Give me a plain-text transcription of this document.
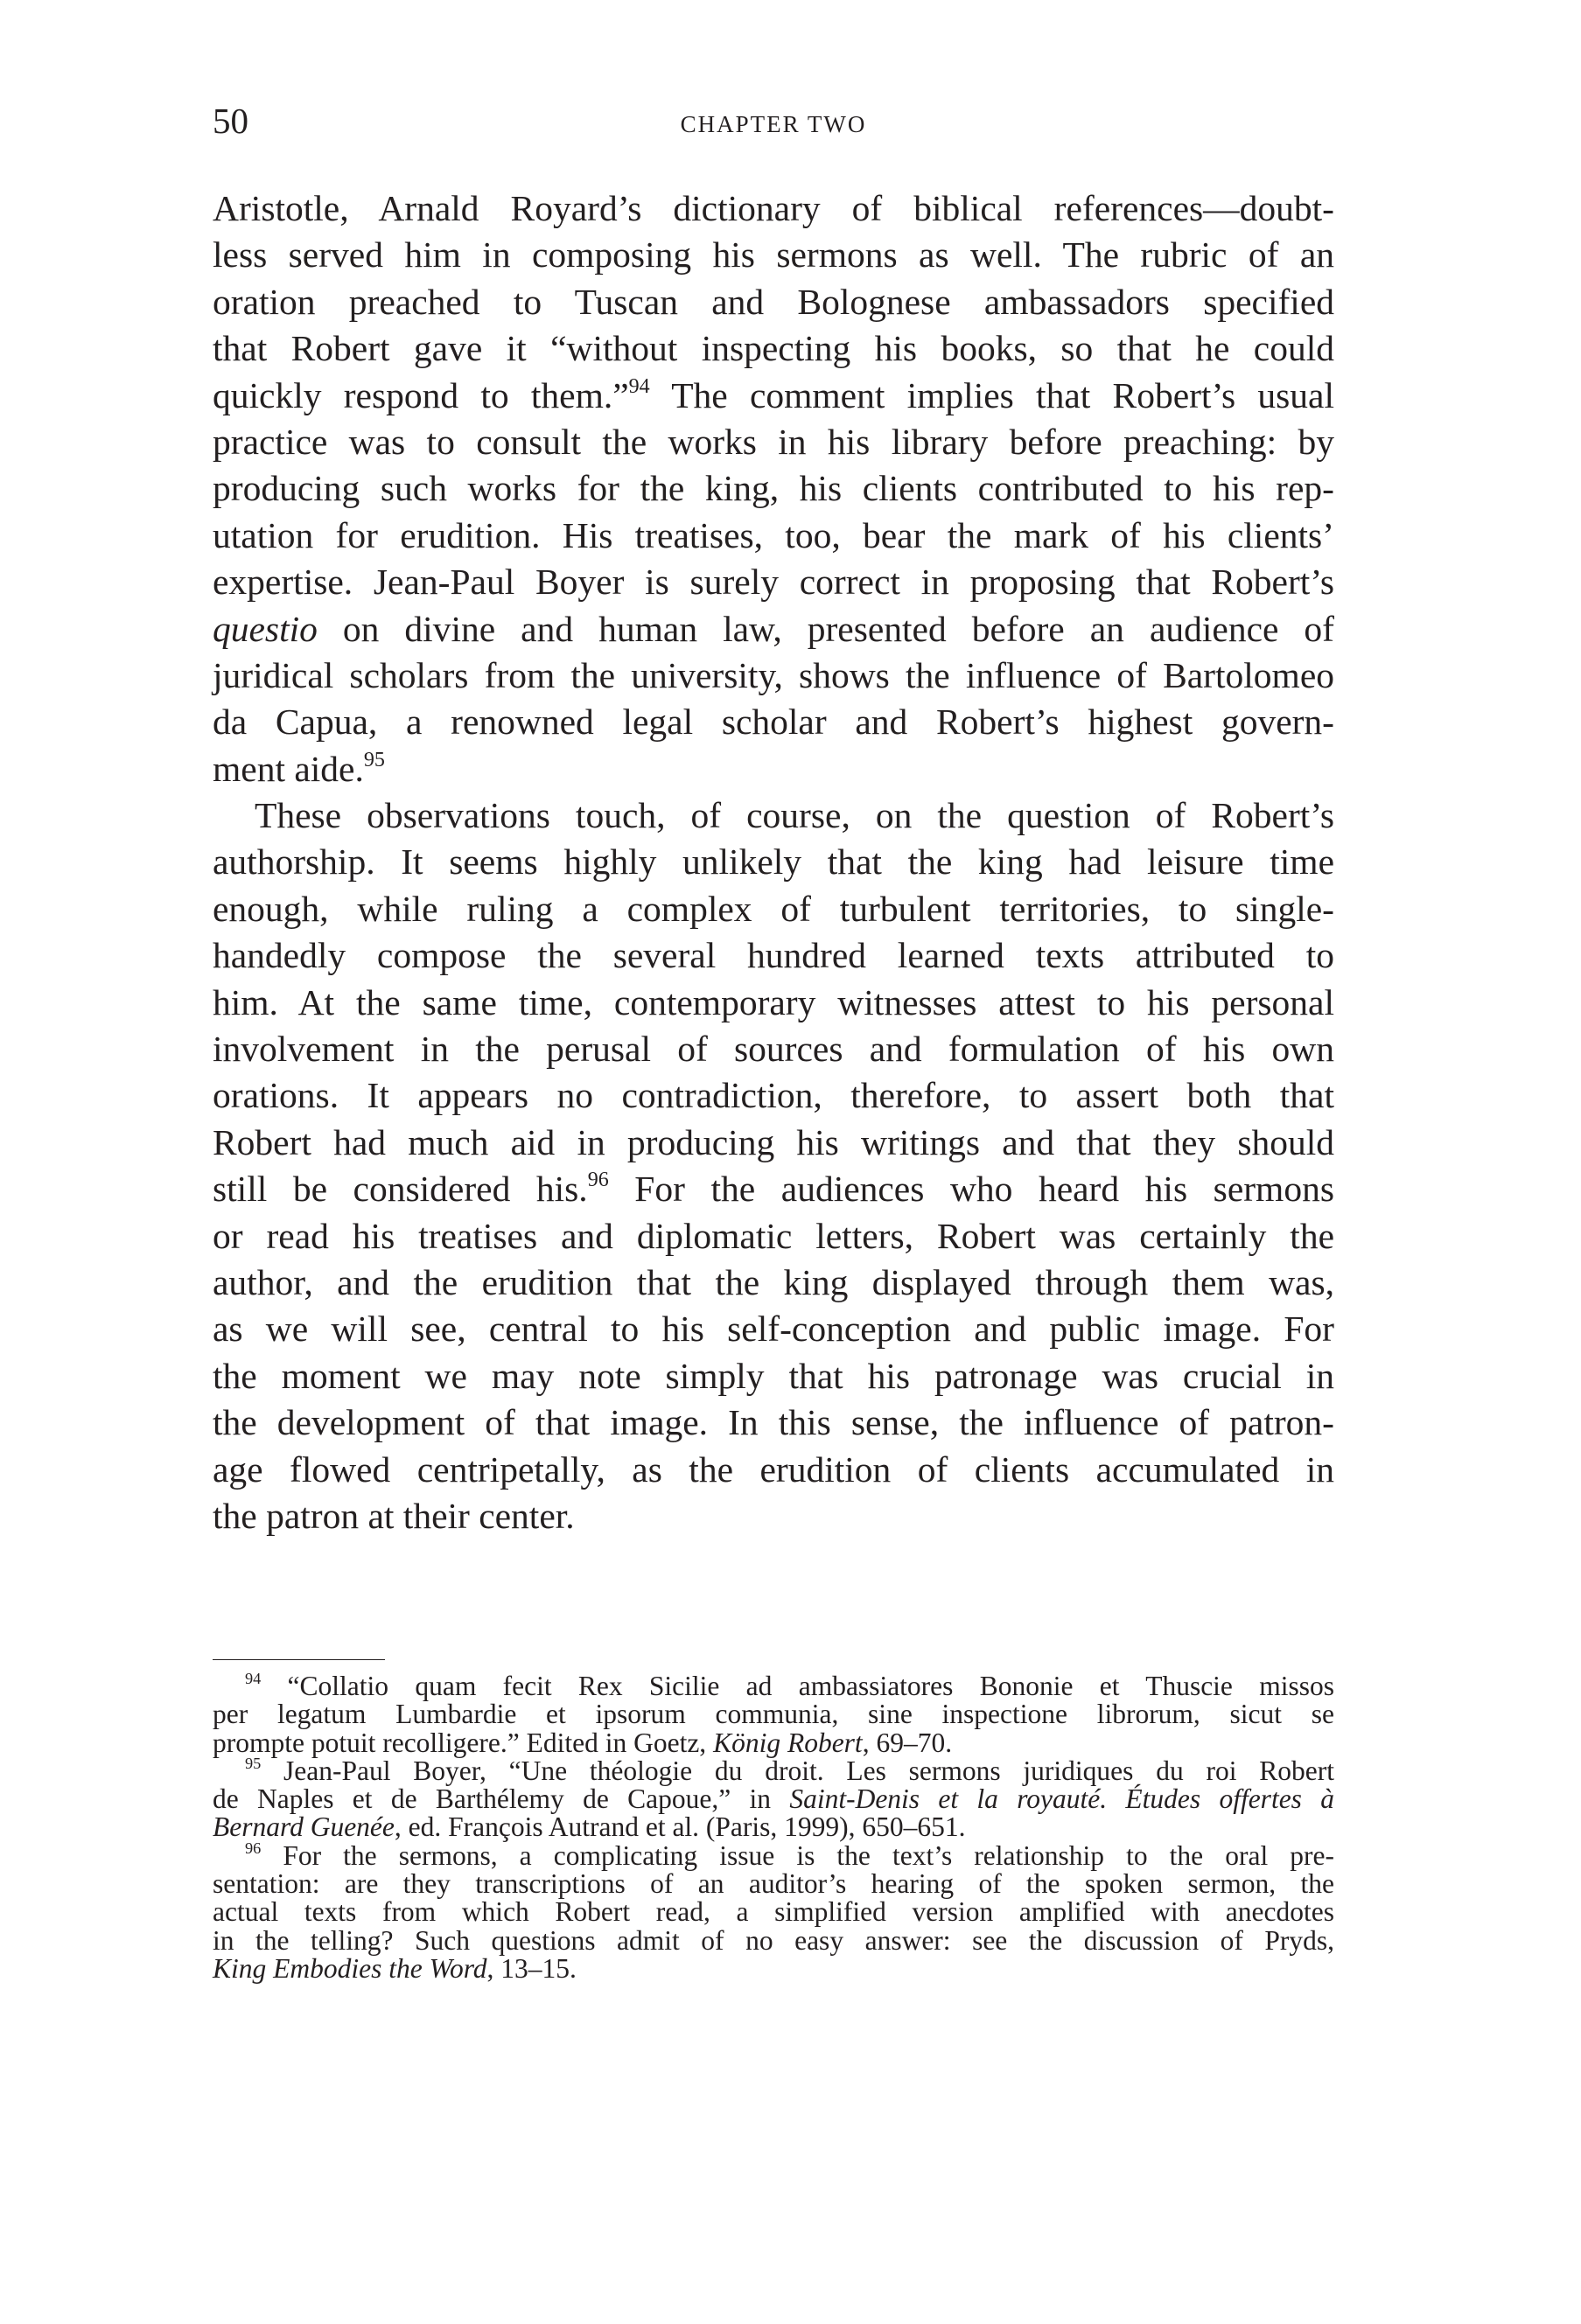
50	CHAPTER TWO
Aristotle, Arnald Royard’s dictionary of biblical references—doubt-
less served him in composing his sermons as well. The rubric of an
oration preached to Tuscan and Bolognese ambassadors specified
that Robert gave it “without inspecting his books, so that he could
quickly respond to them.”$^{94}$ The comment implies that Robert’s usual
practice was to consult the works in his library before preaching: by
producing such works for the king, his clients contributed to his rep-
utation for erudition. His treatises, too, bear the mark of his clients’
expertise. Jean-Paul Boyer is surely correct in proposing that Robert’s
questio on divine and human law, presented before an audience of
juridical scholars from the university, shows the influence of Bartolomeo
da Capua, a renowned legal scholar and Robert’s highest govern-
ment aide.$^{95}$
These observations touch, of course, on the question of Robert’s
authorship. It seems highly unlikely that the king had leisure time
enough, while ruling a complex of turbulent territories, to single-
handedly compose the several hundred learned texts attributed to
him. At the same time, contemporary witnesses attest to his personal
involvement in the perusal of sources and formulation of his own
orations. It appears no contradiction, therefore, to assert both that
Robert had much aid in producing his writings and that they should
still be considered his.$^{96}$ For the audiences who heard his sermons
or read his treatises and diplomatic letters, Robert was certainly the
author, and the erudition that the king displayed through them was,
as we will see, central to his self-conception and public image. For
the moment we may note simply that his patronage was crucial in
the development of that image. In this sense, the influence of patron-
age flowed centripetally, as the erudition of clients accumulated in
the patron at their center.
$^{94}$ “Collatio quam fecit Rex Sicilie ad ambassiatores Bononie et Thuscie missos
per legatum Lumbardie et ipsorum communia, sine inspectione librorum, sicut se
prompte potuit recolligere.” Edited in Goetz, König Robert, 69–70.
$^{95}$ Jean-Paul Boyer, “Une théologie du droit. Les sermons juridiques du roi Robert
de Naples et de Barthélemy de Capoue,” in Saint-Denis et la royauté. Études offertes à
Bernard Guenée, ed. François Autrand et al. (Paris, 1999), 650–651.
$^{96}$ For the sermons, a complicating issue is the text’s relationship to the oral pre-
sentation: are they transcriptions of an auditor’s hearing of the spoken sermon, the
actual texts from which Robert read, a simplified version amplified with anecdotes
in the telling? Such questions admit of no easy answer: see the discussion of Pryds,
King Embodies the Word, 13–15.
